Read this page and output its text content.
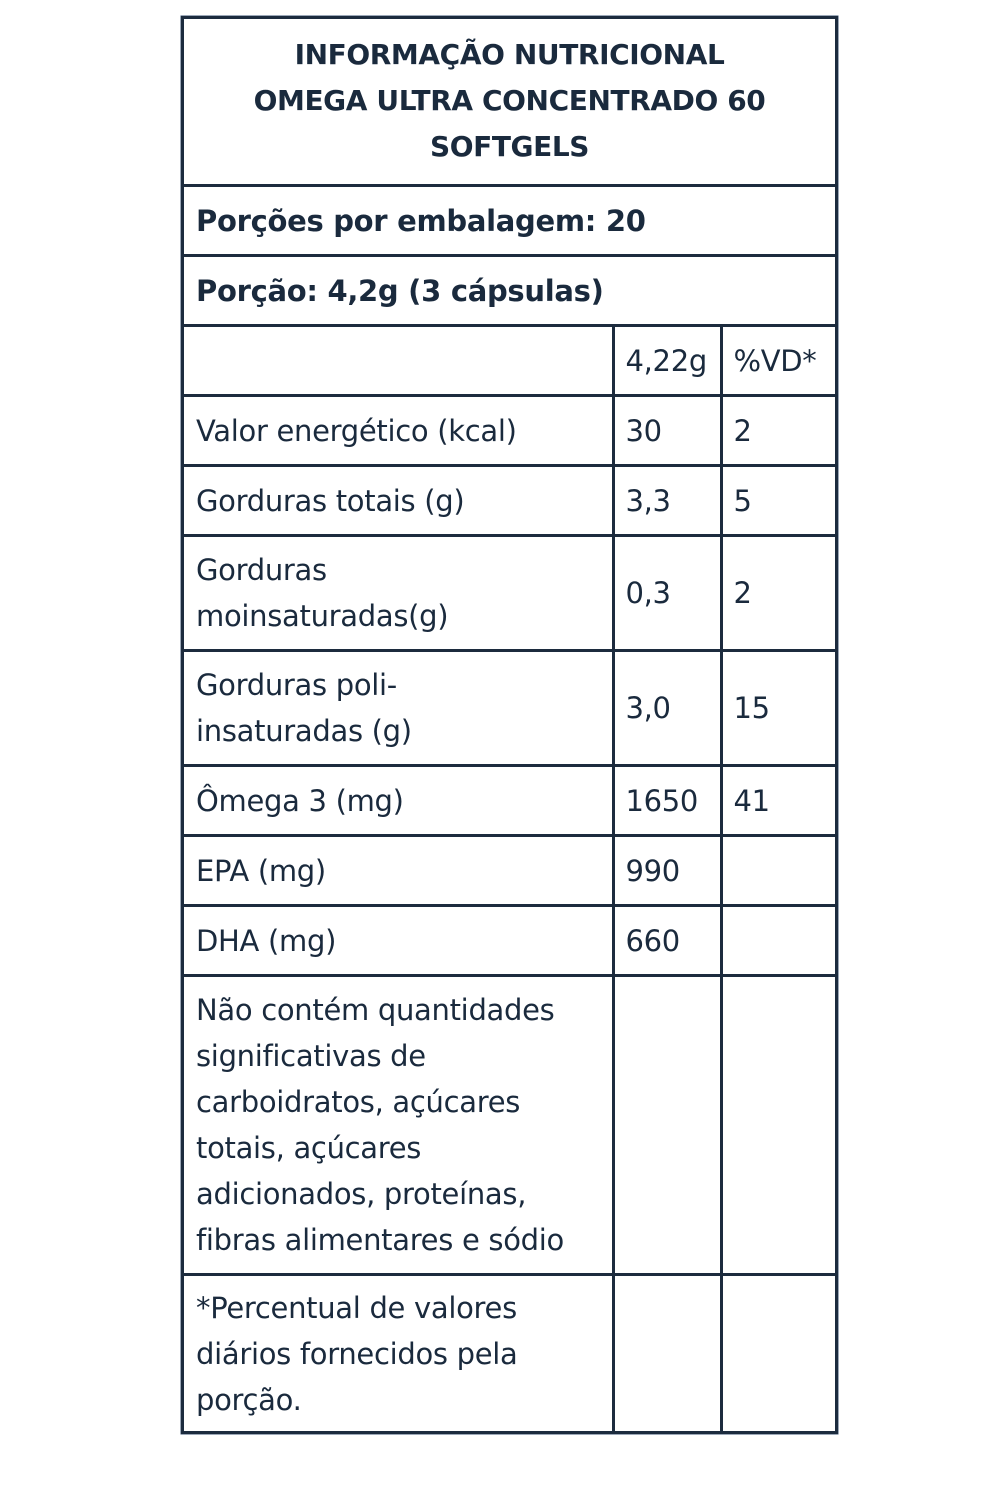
INFORMAÇÃO NUTRICIONAL
OMEGA ULTRA CONCENTRADO 60
SOFTGELS		

Porções por embalagem: 20		
Porção: 4,2g (3 cápsulas)		
	4,22g	%VD*
Valor energético (kcal)	30	2
Gorduras totais (g)	3,3	5

Gorduras
moinsaturadas(g)	0,3	2

Gorduras poli-
insaturadas (g)	3,0	15
Ômega 3 (mg)	1650	41
EPA (mg)	990	
DHA (mg)	660	

Não contém quantidades
significativas de
carboidratos, açúcares
totais, açúcares
adicionados, proteínas,
fibras alimentares e sódio

*Percentual de valores
diários fornecidos pela
porção.		
